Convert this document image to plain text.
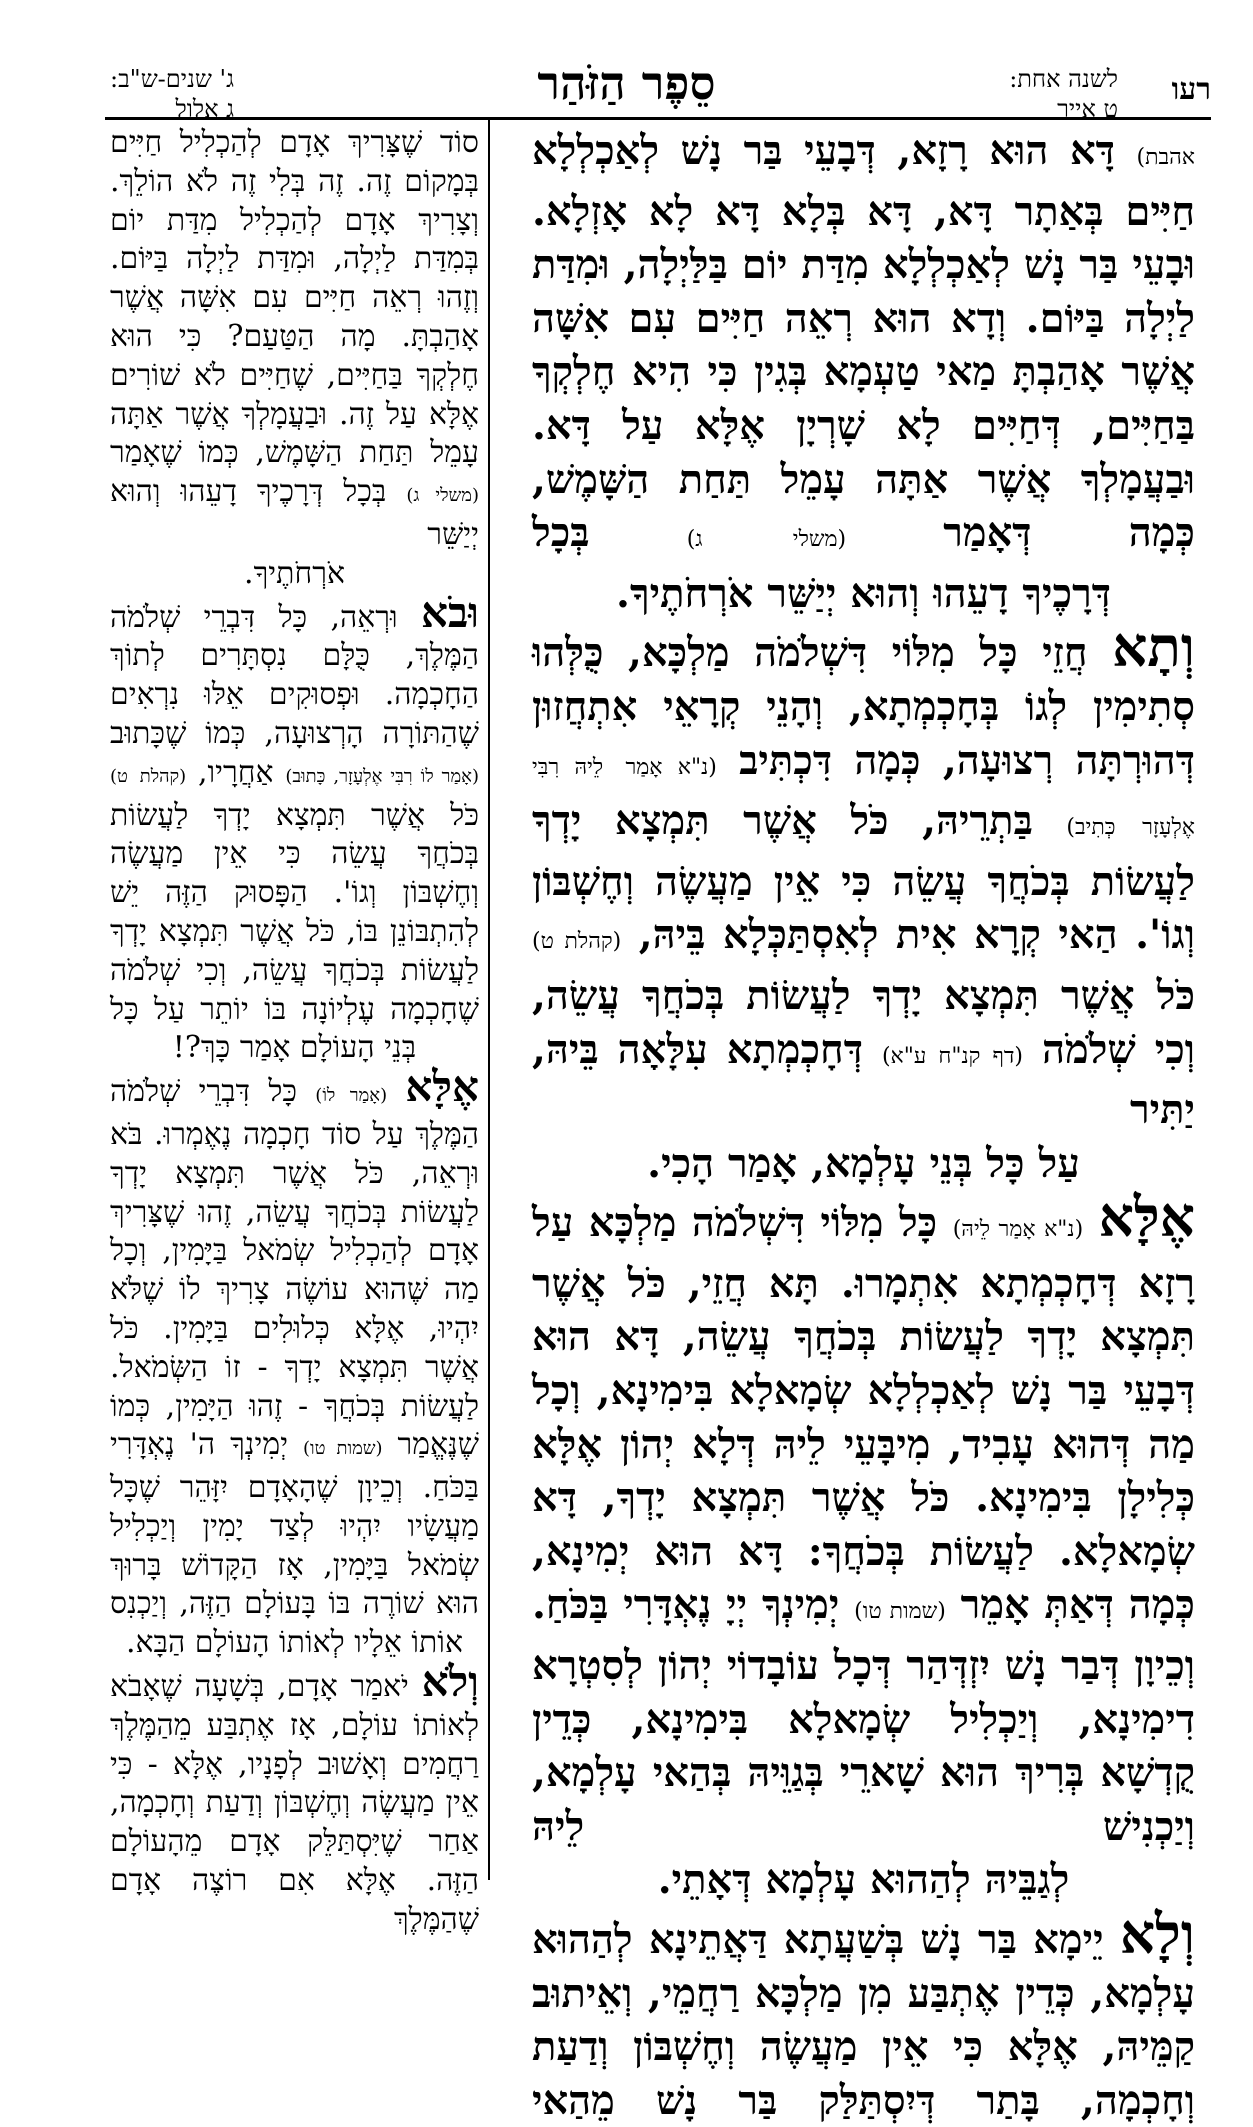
רעו
לשנה אחת:
ט אייר
סֵפֶר הַזֹּהַר
ג' שנים-ש"ב:
ג אלול

אהבת) דָּא הוּא רָזָא, דְּבָעֵי בַּר נָשׁ לְאַכְלְלָא חַיִּים בְּאַתָר דָּא, דָּא בְּלָא דָּא לָא אָזְלָא. וּבָעֵי בַּר נָשׁ לְאַכְלְלָא מִדַּת יוֹם בַּלַּיְלָה, וּמִדַּת לַיְלָה בַּיּוֹם. וְדָא הוּא רְאֵה חַיִּים עִם אִשָּׁה אֲשֶׁר אָהַבְתָּ מַאי טַעְמָא בְּגִין כִּי הִיא חֶלְקְךָ בַּחַיִּים, דְּחַיִּים לָא שָׁרְיָן אֶלָּא עַל דָּא. וּבַעֲמָלְךָ אֲשֶׁר אַתָּה עָמֵל תַּחַת הַשָּׁמֶשׁ, כְּמָה דְּאָמַר (משלי ג) בְּכָל

דְּרָכֶיךָ דָעֵהוּ וְהוּא יְיַשֵּׁר אֹרְחֹתֶיךָ.

וְתָא חֲזֵי כָּל מִלּוֹי דִּשְׁלֹמֹה מַלְכָּא, כֻּלְּהוּ סְתִימִין לְגוֹ בְּחָכְמְתָא, וְהָנֵי קְרָאֵי אִתְחֲזוּן דְּהוּרְתָּה רְצוּעָה, כְּמָה דִּכְתִּיב (נ"א אָמַר לֵיהּ רִבִּי אֶלְעָזָר כְּתִיב) בַּתְרֵיהּ, כֹּל אֲשֶׁר תִּמְצָא יָדְךָ לַעֲשׂוֹת בְּכֹחֲךָ עֲשֵׂה כִּי אֵין מַעֲשֶׂה וְחֶשְׁבּוֹן וְגוֹ'. הַאי קְרָא אִית לְאִסְתַּכְּלָא בֵּיהּ, (קהלת ט) כֹּל אֲשֶׁר תִּמְצָא יָדְךָ לַעֲשׂוֹת בְּכֹחֲךָ עֲשֵׂה, וְכִי שְׁלֹמֹה (דף קנ"ח ע"א) דְּחָכְמְתָא עִלָּאָה בֵּיהּ, יַתִּיר

עַל כָּל בְּנֵי עָלְמָא, אָמַר הָכִי.

אֶלָּא (נ"א אָמַר לֵיהּ) כָּל מִלּוֹי דִּשְׁלֹמֹה מַלְכָּא עַל רָזָא דְּחָכְמְתָא אִתְמָרוּ. תָּא חֲזֵי, כֹּל אֲשֶׁר תִּמְצָא יָדְךָ לַעֲשׂוֹת בְּכֹחֲךָ עֲשֵׂה, דָּא הוּא דְּבָעֵי בַּר נָשׁ לְאַכְלְלָא שְׂמָאלָא בִּימִינָא, וְכָל מַה דְּהוּא עָבִיד, מִיבָּעֵי לֵיהּ דְּלָא יְהוֹן אֶלָּא כְּלִילָן בִּימִינָא. כֹּל אֲשֶׁר תִּמְצָא יָדְךָ, דָּא שְׂמָאלָא. לַעֲשׂוֹת בְּכֹחֲךָ: דָּא הוּא יְמִינָא, כְּמָה דְּאַתְּ אָמֵר (שמות טו) יְמִינְךָ יְיָ נֶאְדָּרִי בַּכֹּחַ. וְכֵיוָן דְּבַר נָשׁ יִזְדְּהַר דְּכָל עוֹבָדוֹי יְהוֹן לְסִטְרָא דִימִינָא, וְיַכְלִיל שְׂמָאלָא בִּימִינָא, כְּדֵין קֻדְשָׁא בְּרִיךְ הוּא שָׁארֵי בְּגַוֵּיהּ בְּהַאי עָלְמָא, וְיַכְנִישׁ לֵיהּ

לְגַבֵּיהּ לְהַהוּא עָלְמָא דְּאָתֵי.

וְלָא יֵימָא בַּר נָשׁ בְּשַׁעֲתָא דַּאֲתֵינָא לְהַהוּא עָלְמָא, כְּדֵין אֶתְבַּע מִן מַלְכָּא רַחֲמֵי, וְאֵיתוּב קַמֵּיהּ, אֶלָּא כִּי אֵין מַעֲשֶׂה וְחֶשְׁבּוֹן וְדַעַת וְחָכְמָה, בָּתַר דְּיִסְתַּלַּק בַּר נָשׁ מֵהַאי

סוֹד שֶׁצָּרִיךְ אָדָם לְהַכְלִיל חַיִּים בְּמָקוֹם זֶה. זֶה בְּלִי זֶה לֹא הוֹלֵךְ. וְצָרִיךְ אָדָם לְהַכְלִיל מִדַּת יוֹם בְּמִדַּת לַיְלָה, וּמִדַּת לַיְלָה בַּיּוֹם. וְזֶהוּ רְאֵה חַיִּים עִם אִשָּׁה אֲשֶׁר אָהַבְתָּ. מָה הַטַּעַם? כִּי הוּא חֶלְקְךָ בַּחַיִּים, שֶׁחַיִּים לֹא שׁוֹרִים אֶלָּא עַל זֶה. וּבַעֲמָלְךָ אֲשֶׁר אַתָּה עָמֵל תַּחַת הַשָּׁמֶשׁ, כְּמוֹ שֶׁאָמַר (משלי ג) בְּכָל דְּרָכֶיךָ דָעֵהוּ וְהוּא יְיַשֵּׁר

אֹרְחֹתֶיךָ.

וּבֹא וּרְאֵה, כָּל דִּבְרֵי שְׁלֹמֹה הַמֶּלֶךְ, כֻּלָּם נִסְתָּרִים לְתוֹךְ הַחָכְמָה. וּפְסוּקִים אֵלּוּ נִרְאִים שֶׁהַתּוֹרָה הָרְצוּעָה, כְּמוֹ שֶׁכָּתוּב (אָמַר לוֹ רִבִּי אֶלְעָזָר, כָּתוּב) אַחֲרָיו, (קהלת ט) כֹּל אֲשֶׁר תִּמְצָא יָדְךָ לַעֲשׂוֹת בְּכֹחֲךָ עֲשֵׂה כִּי אֵין מַעֲשֶׂה וְחֶשְׁבּוֹן וְגוֹ'. הַפָּסוּק הַזֶּה יֵשׁ לְהִתְבּוֹנֵן בּוֹ, כֹּל אֲשֶׁר תִּמְצָא יָדְךָ לַעֲשׂוֹת בְּכֹחֲךָ עֲשֵׂה, וְכִי שְׁלֹמֹה שֶׁחָכְמָה עֶלְיוֹנָה בּוֹ יוֹתֵר עַל כָּל

בְּנֵי הָעוֹלָם אָמַר כָּךְ?!

אֶלָּא (אָמַר לוֹ) כָּל דִּבְרֵי שְׁלֹמֹה הַמֶּלֶךְ עַל סוֹד חָכְמָה נֶאֶמְרוּ. בֹּא וּרְאֵה, כֹּל אֲשֶׁר תִּמְצָא יָדְךָ לַעֲשׂוֹת בְּכֹחֲךָ עֲשֵׂה, זֶהוּ שֶׁצָּרִיךְ אָדָם לְהַכְלִיל שְׂמֹאל בַּיָּמִין, וְכָל מַה שֶּׁהוּא עוֹשֶׂה צָרִיךְ לוֹ שֶׁלֹּא יִהְיוּ, אֶלָּא כְּלוּלִים בַּיָּמִין. כֹּל אֲשֶׁר תִּמְצָא יָדְךָ - זוֹ הַשְּׂמֹאל. לַעֲשׂוֹת בְּכֹחֲךָ - זֶהוּ הַיָּמִין, כְּמוֹ שֶׁנֶּאֱמַר (שמות טו) יְמִינְךָ ה' נֶאְדָּרִי בַּכֹּחַ. וְכֵיוָן שֶׁהָאָדָם יִזָּהֵר שֶׁכָּל מַעֲשָׂיו יִהְיוּ לְצַד יָמִין וְיַכְלִיל שְׂמֹאל בַּיָּמִין, אָז הַקָּדוֹשׁ בָּרוּךְ הוּא שׁוֹרֶה בּוֹ בָּעוֹלָם הַזֶּה, וְיַכְנִס

אוֹתוֹ אֵלָיו לְאוֹתוֹ הָעוֹלָם הַבָּא.

וְלֹא יֹאמַר אָדָם, בְּשָׁעָה שֶׁאָבֹא לְאוֹתוֹ עוֹלָם, אָז אֶתְבַּע מֵהַמֶּלֶךְ רַחֲמִים וְאָשׁוּב לְפָנָיו, אֶלָּא - כִּי אֵין מַעֲשֶׂה וְחֶשְׁבּוֹן וְדַעַת וְחָכְמָה, אַחַר שֶׁיִּסְתַּלֵּק אָדָם מֵהָעוֹלָם הַזֶּה. אֶלָּא אִם רוֹצֶה אָדָם שֶׁהַמֶּלֶךְ
